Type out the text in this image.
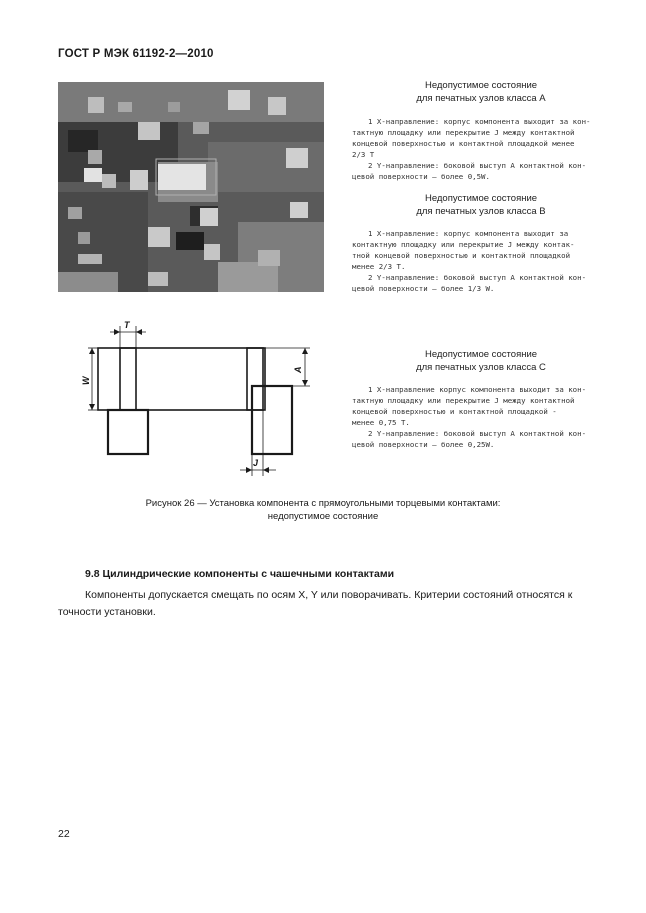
ГОСТ Р МЭК 61192-2—2010
Недопустимое состояние
для печатных узлов класса А

1 Х-направление: корпус компонента выходит за кон-

тактную площадку или перекрытие J между контактной

концевой поверхностью и контактной площадкой менее

2/3 T

2 Y-направление: боковой выступ A контактной кон-

цевой поверхности — более 0,5W.

Недопустимое состояние
для печатных узлов класса В

1 Х-направление: корпус компонента выходит за

контактную площадку или перекрытие J между контак-

тной концевой поверхностью и контактной площадкой

менее 2/3 T.

2 Y-направление: боковой выступ A контактной кон-

цевой поверхности — более 1/3 W.

T
W
A
J
Недопустимое состояние
для печатных узлов класса С

1 Х-направление корпус компонента выходит за кон-

тактную площадку или перекрытие J между контактной

концевой поверхностью и контактной площадкой -

менее 0,75 T.

2 Y-направление: боковой выступ A контактной кон-

цевой поверхности — более 0,25W.

Рисунок 26 — Установка компонента с прямоугольными торцевыми контактами:
недопустимое состояние
9.8 Цилиндрические компоненты с чашечными контактами
Компоненты допускается смещать по осям X, Y или поворачивать. Критерии состояний относятся к точности установки.
22
